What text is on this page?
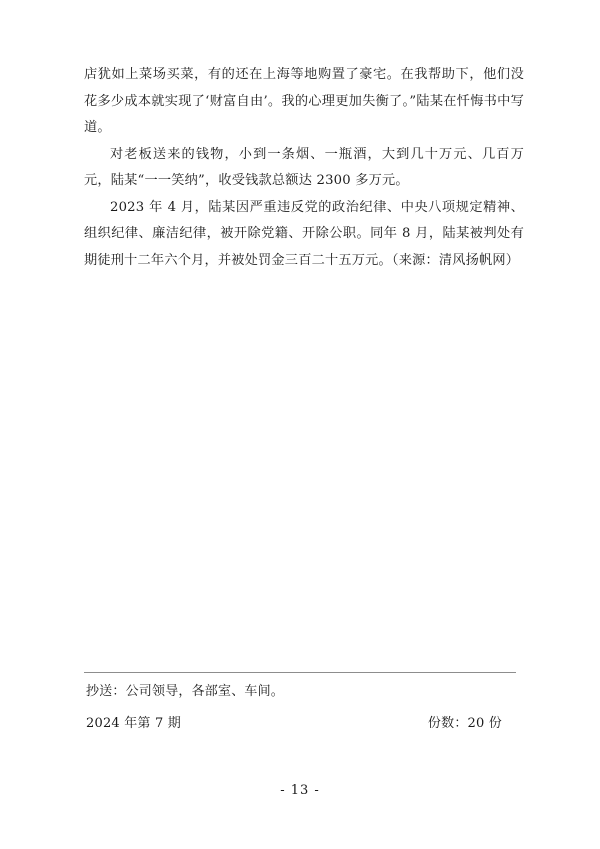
店犹如上菜场买菜，有的还在上海等地购置了豪宅。在我帮助下，他们没花多少成本就实现了‘财富自由’。我的心理更加失衡了。”陆某在忏悔书中写道。

对老板送来的钱物，小到一条烟、一瓶酒，大到几十万元、几百万元，陆某“一一笑纳”，收受钱款总额达 2300 多万元。

2023 年 4 月，陆某因严重违反党的政治纪律、中央八项规定精神、组织纪律、廉洁纪律，被开除党籍、开除公职。同年 8 月，陆某被判处有期徒刑十二年六个月，并被处罚金三百二十五万元。（来源：清风扬帆网）

抄送：公司领导，各部室、车间。
2024 年第 7 期	份数：20 份
- 13 -
